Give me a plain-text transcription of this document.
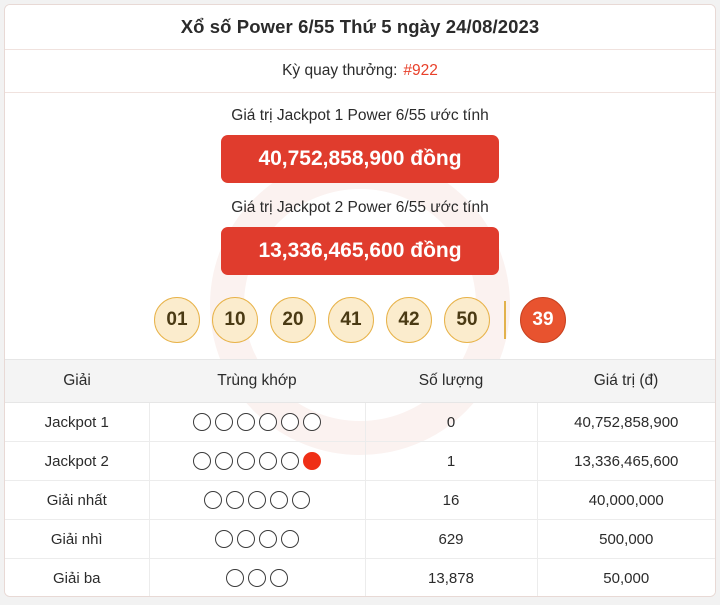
Xổ số Power 6/55 Thứ 5 ngày 24/08/2023
Kỳ quay thưởng: #922
Giá trị Jackpot 1 Power 6/55 ước tính
40,752,858,900 đồng
Giá trị Jackpot 2 Power 6/55 ước tính
13,336,465,600 đồng
01	10	20	41	42	50	39
Giải	Trùng khớp	Số lượng	Giá trị (đ)
Jackpot 1		0	40,752,858,900
Jackpot 2		1	13,336,465,600
Giải nhất		16	40,000,000
Giải nhì		629	500,000
Giải ba		13,878	50,000
